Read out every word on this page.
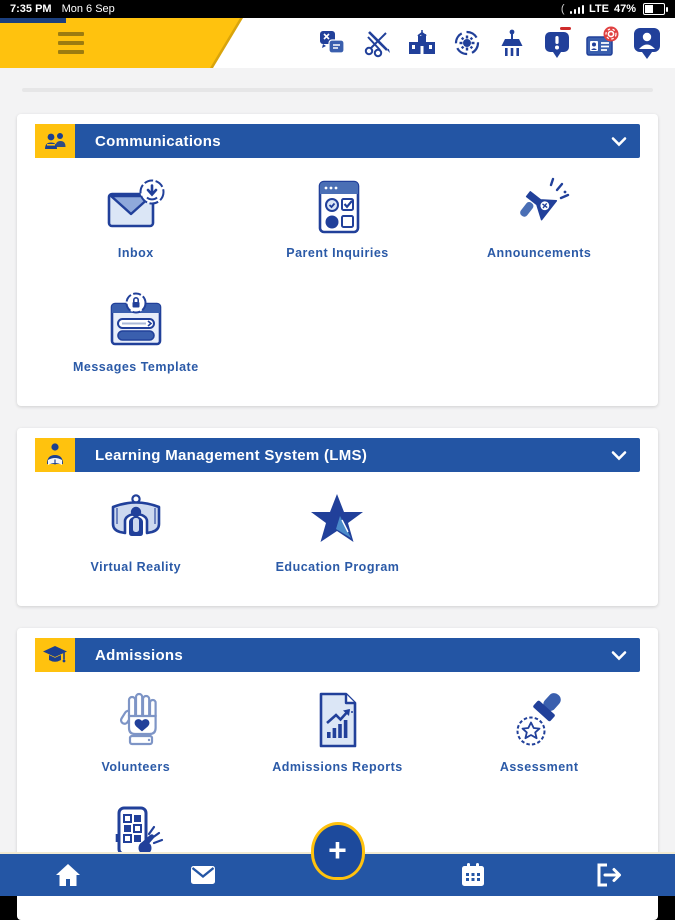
7:35 PM Mon 6 Sep	( LTE 47%
Communications
Inbox	Parent Inquiries	Announcements
Messages Template
Learning Management System (LMS)
Virtual Reality	Education Program
Admissions
Volunteers	Admissions Reports	Assessment
+
